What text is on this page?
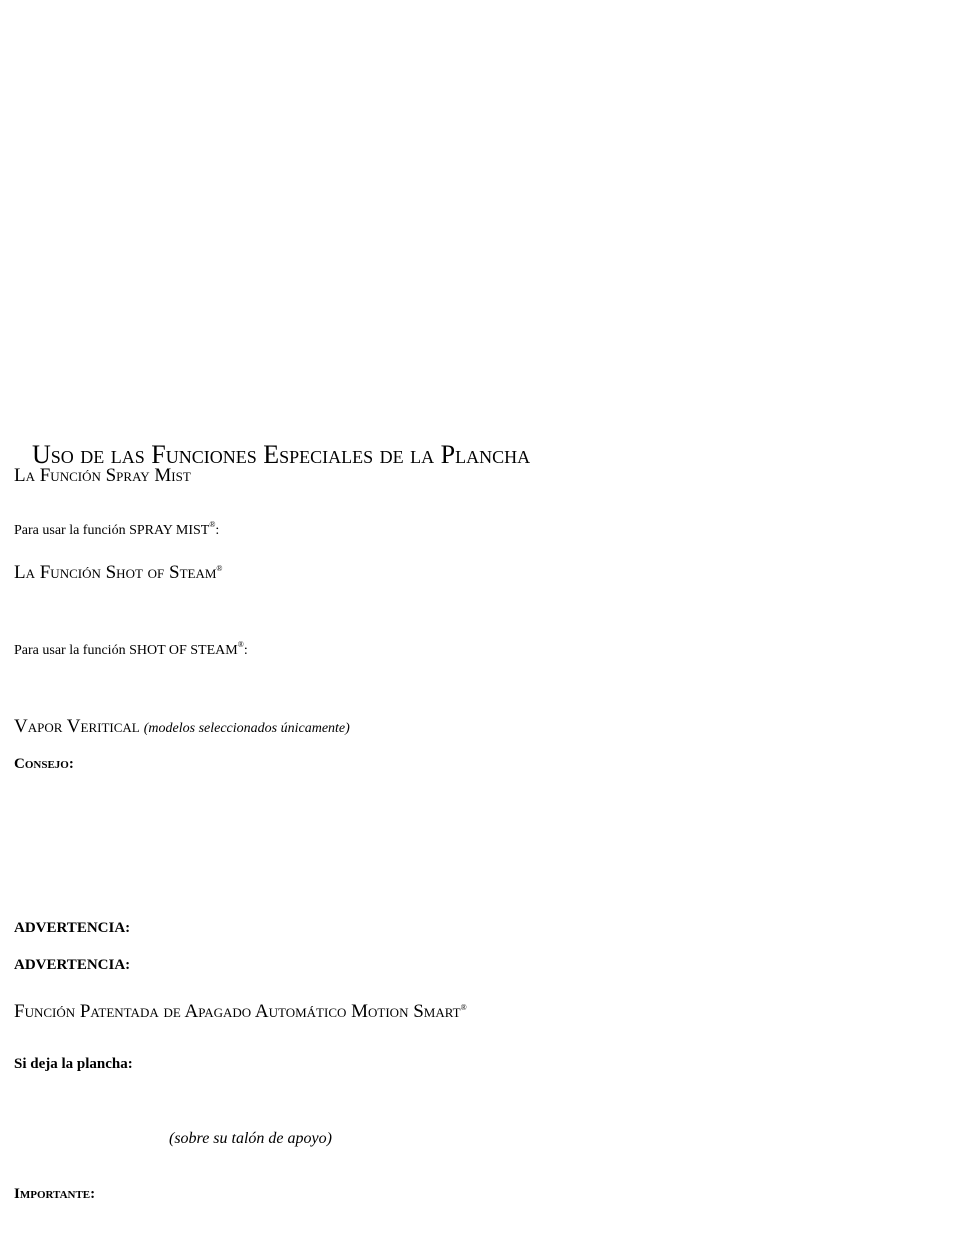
Uso de las Funciones Especiales de la Plancha
La Función Spray Mist
Para usar la función SPRAY MIST®:
La Función Shot of Steam®
Para usar la función SHOT OF STEAM®:
Vapor Veritical (modelos seleccionados únicamente)
Consejo:
ADVERTENCIA:
ADVERTENCIA:
Función Patentada de Apagado Automático Motion Smart®
Si deja la plancha:
(sobre su talón de apoyo)
Importante:
